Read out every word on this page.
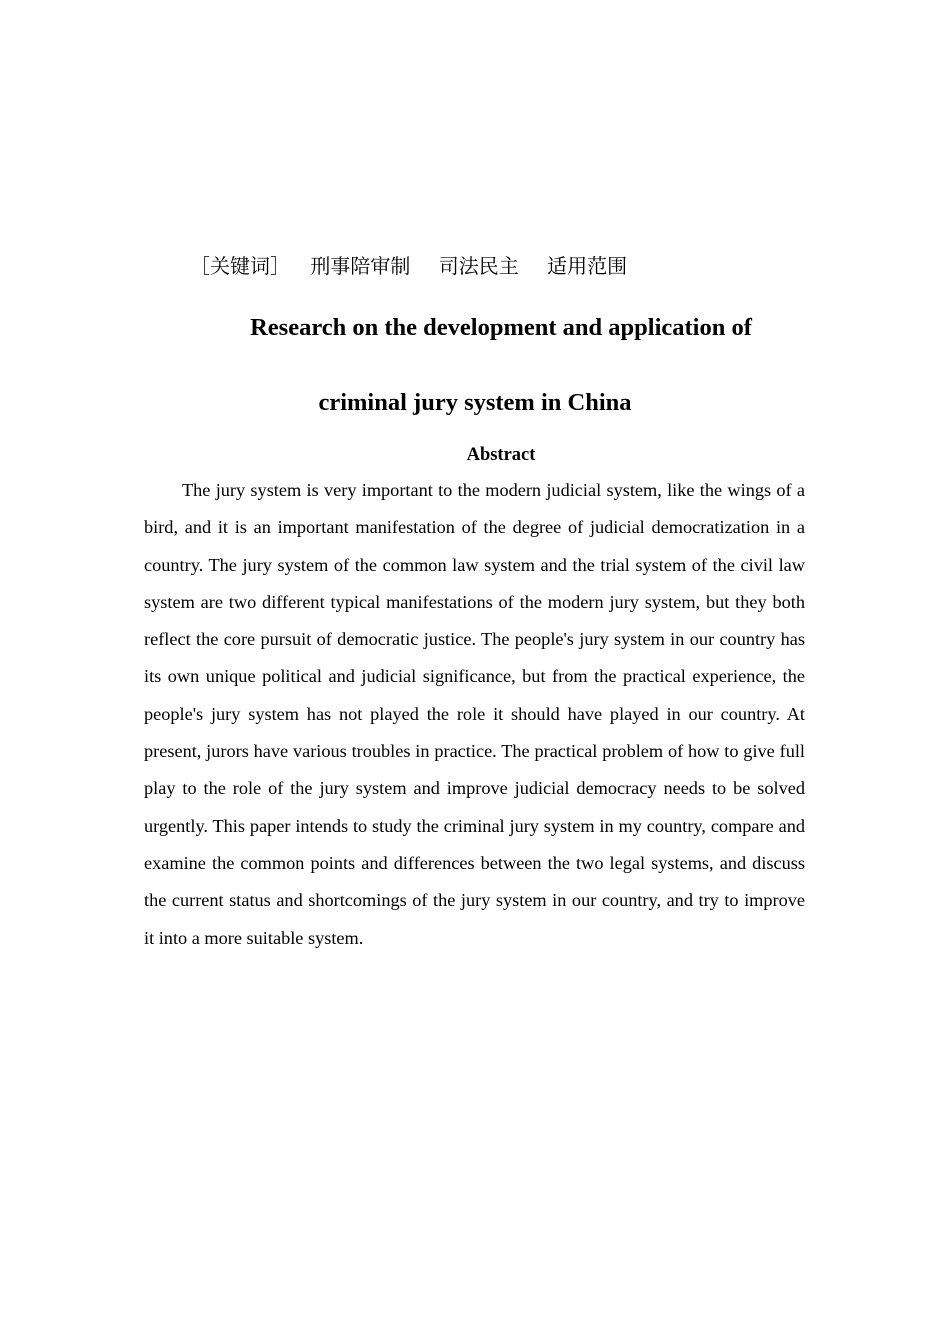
［关键词］ 刑事陪审制 司法民主 适用范围
Research on the development and application of
criminal jury system in China
Abstract

The jury system is very important to the modern judicial system, like the wings of a bird, and it is an important manifestation of the degree of judicial democratization in a country. The jury system of the common law system and the trial system of the civil law system are two different typical manifestations of the modern jury system, but they both reflect the core pursuit of democratic justice. The people's jury system in our country has its own unique political and judicial significance, but from the practical experience, the people's jury system has not played the role it should have played in our country. At present, jurors have various troubles in practice. The practical problem of how to give full play to the role of the jury system and improve judicial democracy needs to be solved urgently. This paper intends to study the criminal jury system in my country, compare and examine the common points and differences between the two legal systems, and discuss the current status and shortcomings of the jury system in our country, and try to improve it into a more suitable system.
